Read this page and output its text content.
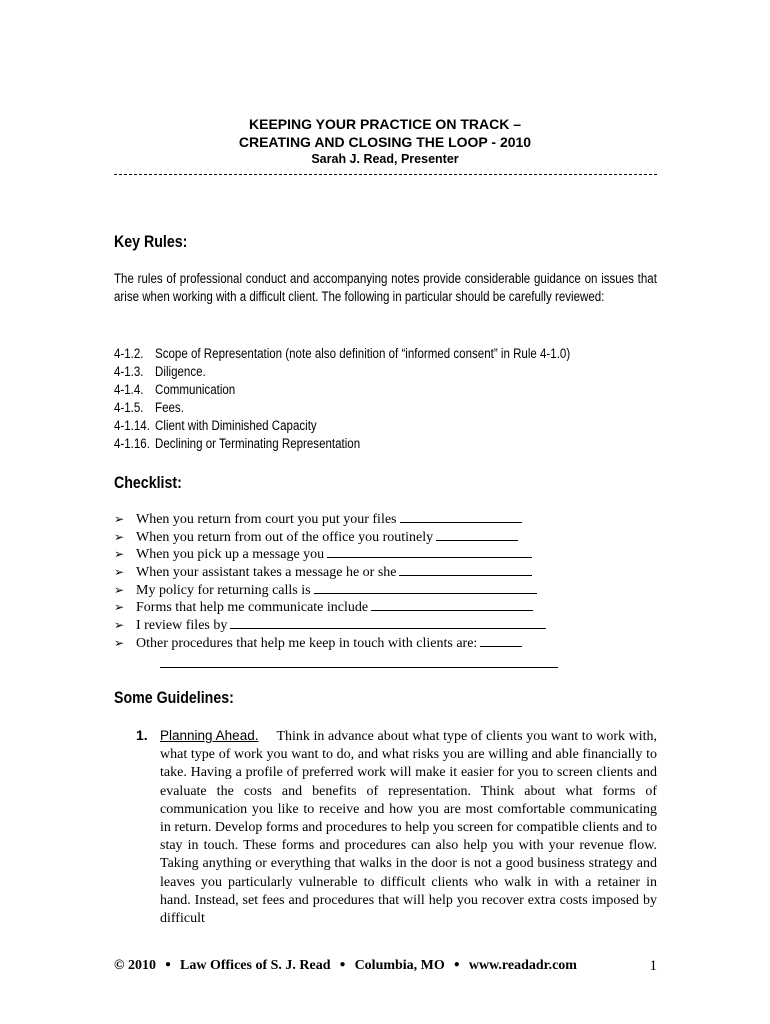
KEEPING YOUR PRACTICE ON TRACK –
CREATING AND CLOSING THE LOOP - 2010
Sarah J. Read, Presenter
Key Rules:
The rules of professional conduct and accompanying notes provide considerable guidance on issues that arise when working with a difficult client. The following in particular should be carefully reviewed:
4-1.2. Scope of Representation (note also definition of “informed consent” in Rule 4-1.0)
4-1.3. Diligence.
4-1.4. Communication
4-1.5. Fees.
4-1.14. Client with Diminished Capacity
4-1.16. Declining or Terminating Representation
Checklist:
➢ When you return from court you put your files
➢ When you return from out of the office you routinely
➢ When you pick up a message you
➢ When your assistant takes a message he or she
➢ My policy for returning calls is
➢ Forms that help me communicate include
➢ I review files by
➢ Other procedures that help me keep in touch with clients are:
Some Guidelines:
1. Planning Ahead. Think in advance about what type of clients you want to work with, what type of work you want to do, and what risks you are willing and able financially to take. Having a profile of preferred work will make it easier for you to screen clients and evaluate the costs and benefits of representation. Think about what forms of communication you like to receive and how you are most comfortable communicating in return. Develop forms and procedures to help you screen for compatible clients and to stay in touch. These forms and procedures can also help you with your revenue flow. Taking anything or everything that walks in the door is not a good business strategy and leaves you particularly vulnerable to difficult clients who walk in with a retainer in hand. Instead, set fees and procedures that will help you recover extra costs imposed by difficult
© 2010 ● Law Offices of S. J. Read ● Columbia, MO ● www.readadr.com	1
